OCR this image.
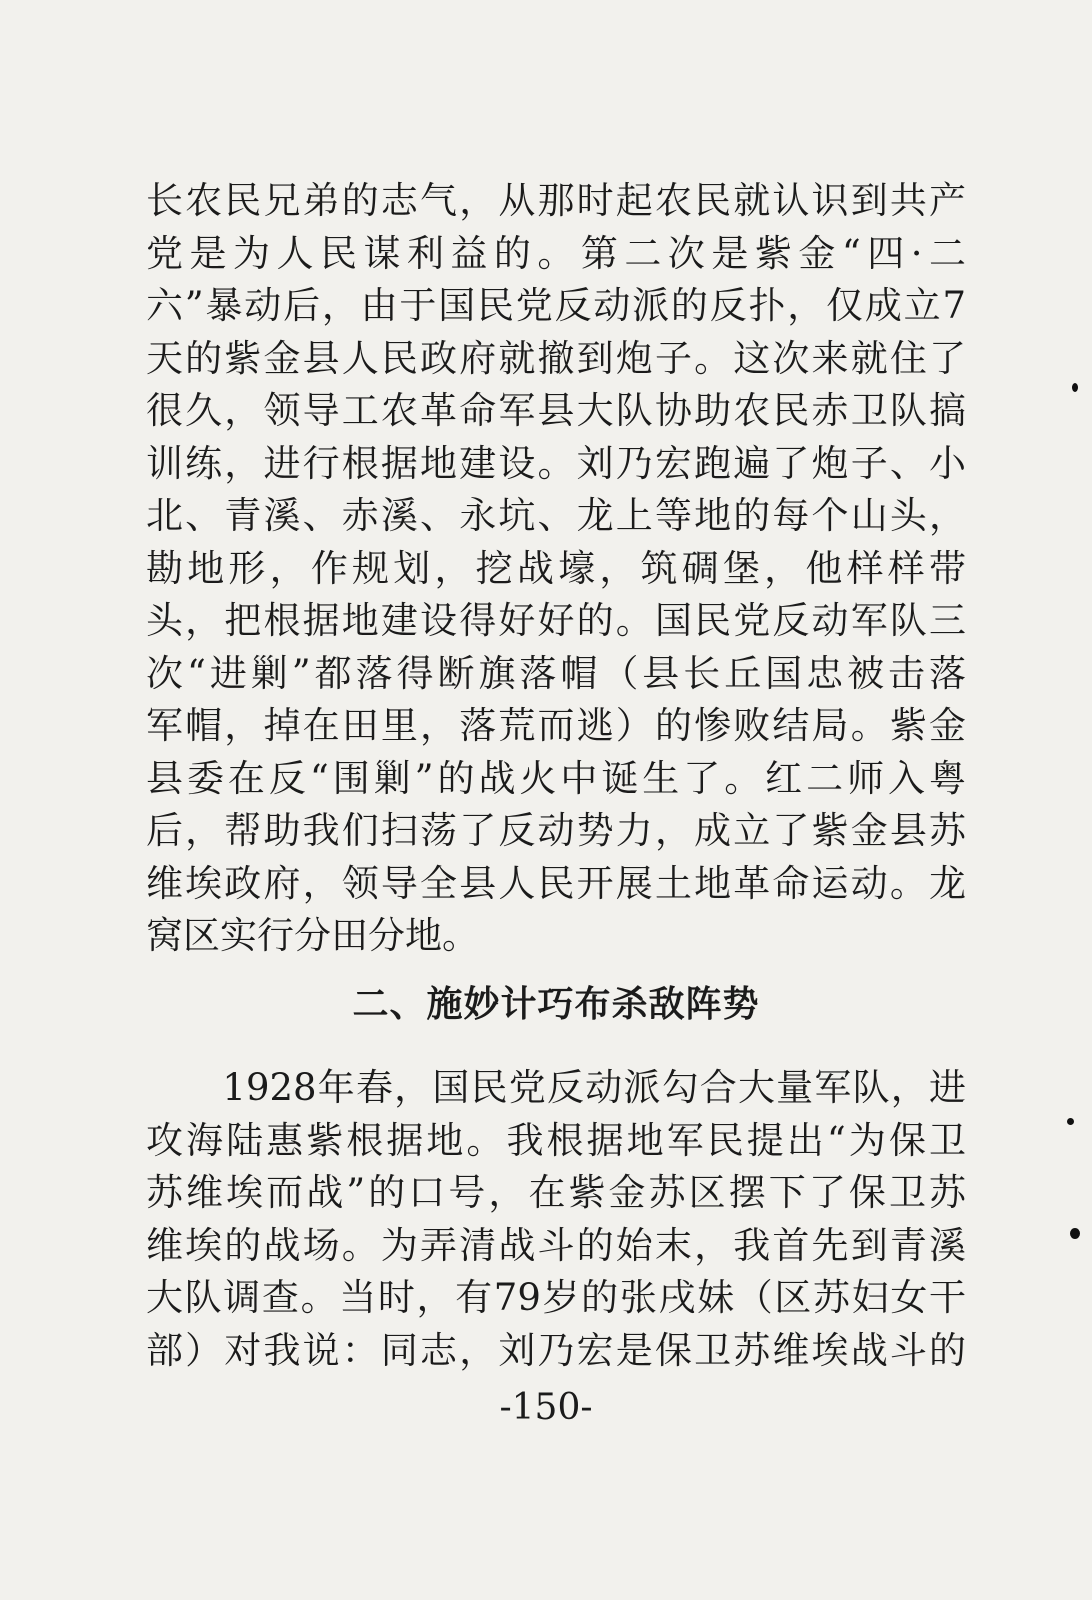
长农民兄弟的志气，从那时起农民就认识到共产
党是为人民谋利益的。第二次是紫金“四·二
六”暴动后，由于国民党反动派的反扑，仅成立7
天的紫金县人民政府就撤到炮子。这次来就住了
很久，领导工农革命军县大队协助农民赤卫队搞
训练，进行根据地建设。刘乃宏跑遍了炮子、小
北、青溪、赤溪、永坑、龙上等地的每个山头，
勘地形，作规划，挖战壕，筑碉堡，他样样带
头，把根据地建设得好好的。国民党反动军队三
次“进剿”都落得断旗落帽（县长丘国忠被击落
军帽，掉在田里，落荒而逃）的惨败结局。紫金
县委在反“围剿”的战火中诞生了。红二师入粤
后，帮助我们扫荡了反动势力，成立了紫金县苏
维埃政府，领导全县人民开展土地革命运动。龙
窝区实行分田分地。
二、施妙计巧布杀敌阵势
　　1928年春，国民党反动派勾合大量军队，进
攻海陆惠紫根据地。我根据地军民提出“为保卫
苏维埃而战”的口号，在紫金苏区摆下了保卫苏
维埃的战场。为弄清战斗的始末，我首先到青溪
大队调查。当时，有79岁的张戌妹（区苏妇女干
部）对我说：同志，刘乃宏是保卫苏维埃战斗的

-150-
